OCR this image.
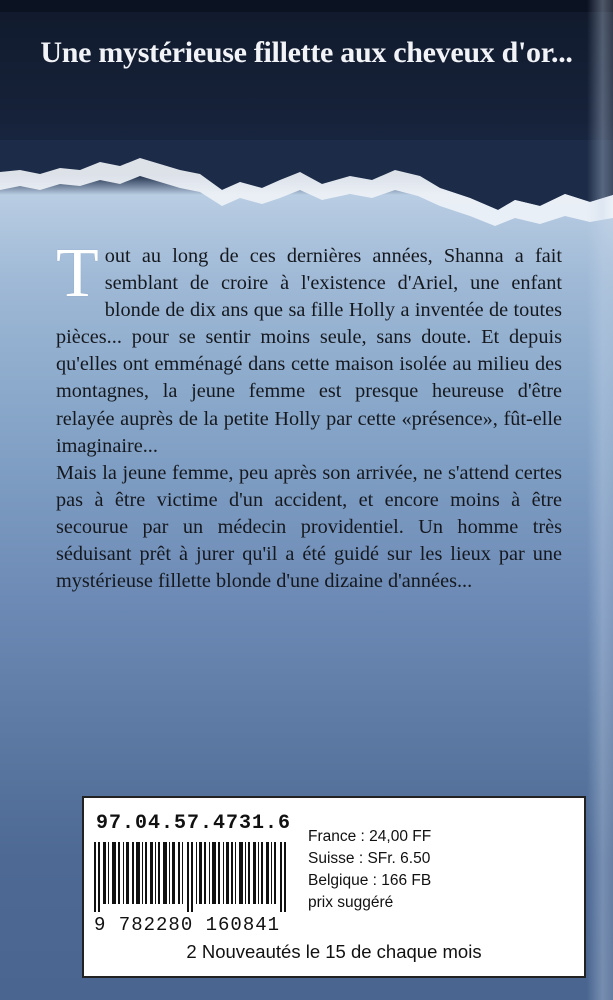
Une mystérieuse fillette aux cheveux d'or...

Tout au long de ces dernières années, Shanna a fait semblant de croire à l'existence d'Ariel, une enfant blonde de dix ans que sa fille Holly a inventée de toutes pièces... pour se sentir moins seule, sans doute. Et depuis qu'elles ont emménagé dans cette maison isolée au milieu des montagnes, la jeune femme est presque heureuse d'être relayée auprès de la petite Holly par cette «présence», fût-elle imaginaire...

Mais la jeune femme, peu après son arrivée, ne s'attend certes pas à être victime d'un accident, et encore moins à être secourue par un médecin providentiel. Un homme très séduisant prêt à jurer qu'il a été guidé sur les lieux par une mystérieuse fillette blonde d'une dizaine d'années...

97.04.57.4731.6
9 782280 160841
France : 24,00 FF
Suisse : SFr. 6.50
Belgique : 166 FB
prix suggéré
2 Nouveautés le 15 de chaque mois
